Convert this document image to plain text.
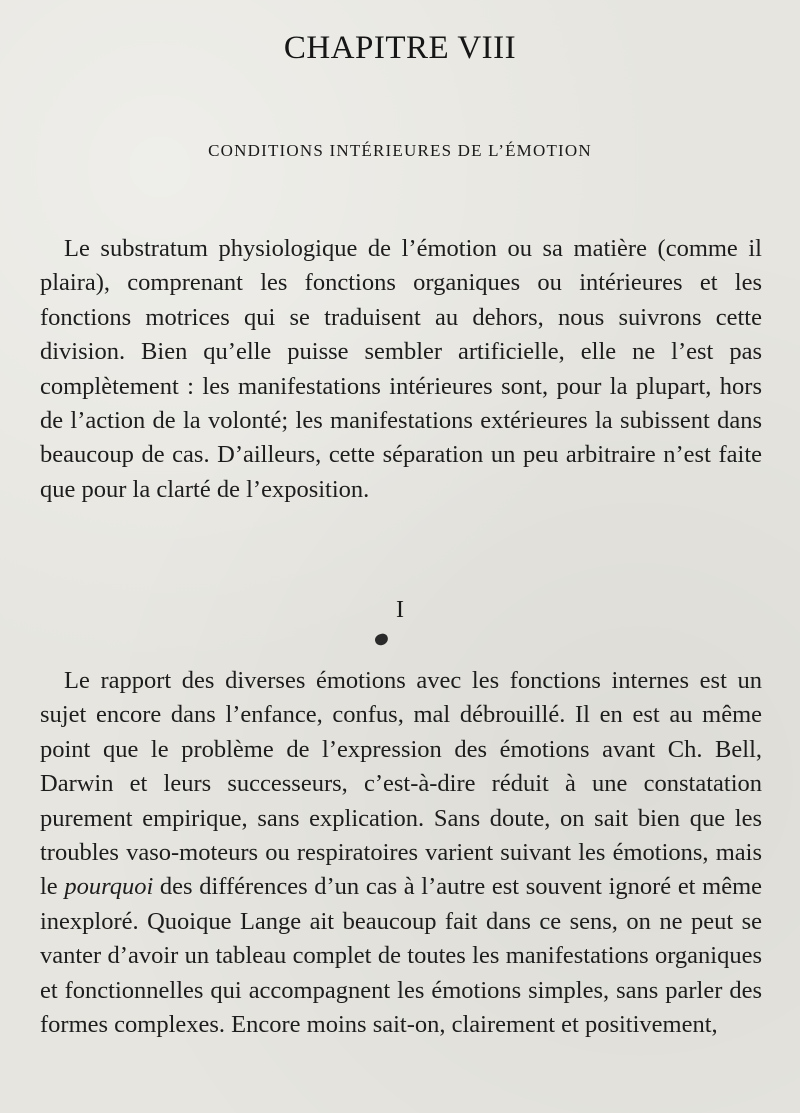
CHAPITRE VIII
CONDITIONS INTÉRIEURES DE L’ÉMOTION

Le substratum physiologique de l’émotion ou sa matière (comme il plaira), comprenant les fonctions organiques ou intérieures et les fonctions motrices qui se traduisent au dehors, nous suivrons cette division. Bien qu’elle puisse sembler artificielle, elle ne l’est pas complètement : les manifestations intérieures sont, pour la plupart, hors de l’action de la volonté; les manifestations extérieures la subissent dans beaucoup de cas. D’ailleurs, cette séparation un peu arbitraire n’est faite que pour la clarté de l’exposition.

I

Le rapport des diverses émotions avec les fonctions internes est un sujet encore dans l’enfance, confus, mal débrouillé. Il en est au même point que le problème de l’expression des émotions avant Ch. Bell, Darwin et leurs successeurs, c’est-à-dire réduit à une constatation purement empirique, sans explication. Sans doute, on sait bien que les troubles vaso-moteurs ou respiratoires varient suivant les émotions, mais le pourquoi des différences d’un cas à l’autre est souvent ignoré et même inexploré. Quoique Lange ait beaucoup fait dans ce sens, on ne peut se vanter d’avoir un tableau complet de toutes les manifestations organiques et fonctionnelles qui accompagnent les émotions simples, sans parler des formes complexes. Encore moins sait-on, clairement et positivement,
